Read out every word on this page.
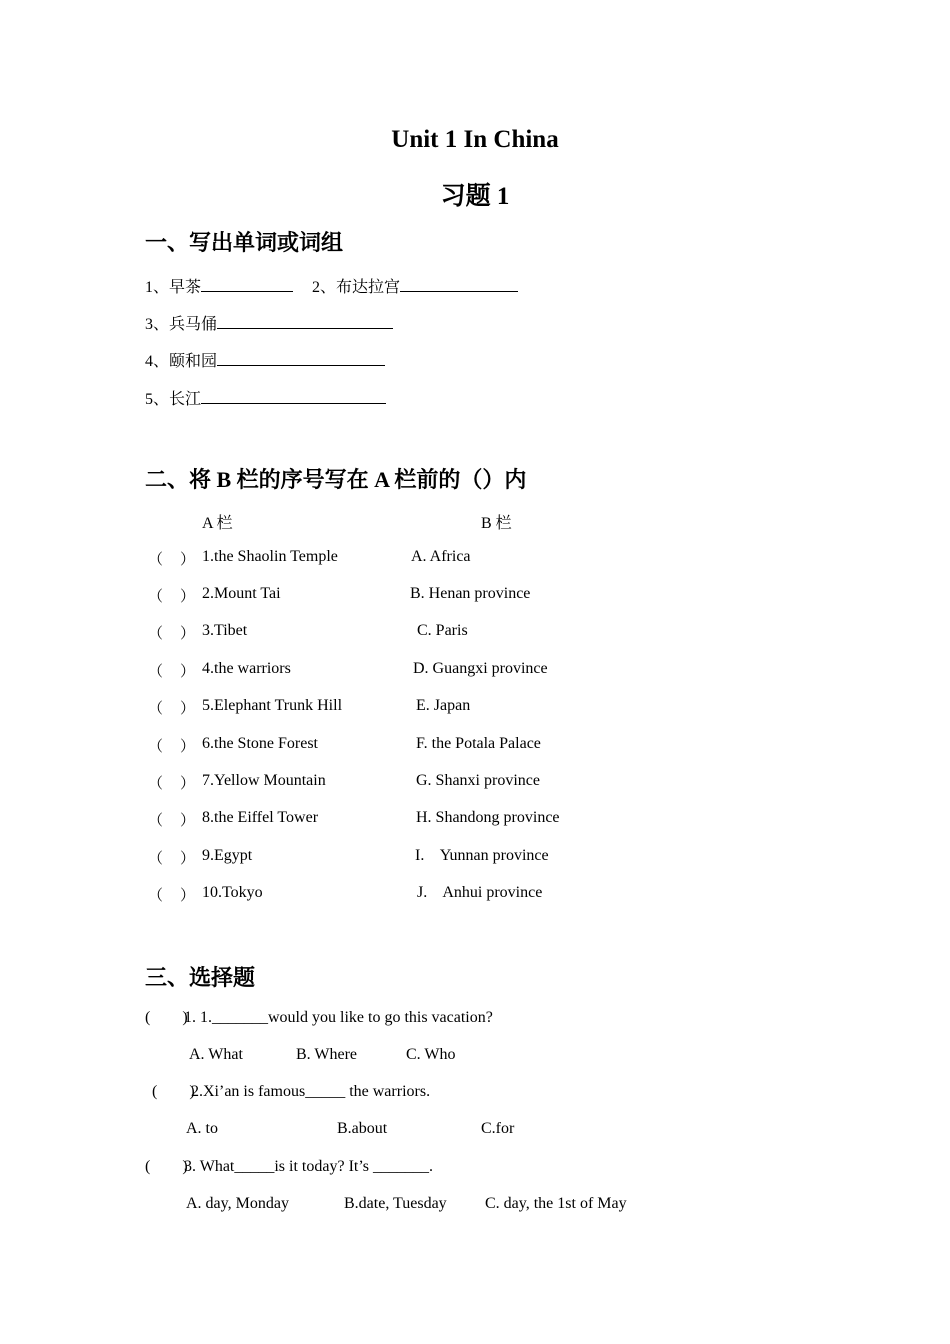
Unit 1 In China
习题 1
一、写出单词或词组
1、早茶	2、布达拉宫
3、兵马俑
4、颐和园
5、长江
二、将 B 栏的序号写在 A 栏前的（）内
A 栏	B 栏
（ ） 1.the Shaolin Temple	A. Africa
（ ） 2.Mount Tai	B. Henan province
（ ） 3.Tibet	C. Paris
（ ） 4.the warriors	D. Guangxi province
（ ） 5.Elephant Trunk Hill	E. Japan
（ ） 6.the Stone Forest	F. the Potala Palace
（ ） 7.Yellow Mountain	G. Shanxi province
（ ） 8.the Eiffel Tower	H. Shandong province
（ ） 9.Egypt	I.    Yunnan province
（ ） 10.Tokyo	J.    Anhui province
三、选择题
(        )
1. 1._______would you like to go this vacation?
A. What	B. Where	C. Who
(        )
2.Xi’an is famous_____ the warriors.
A. to	B.about	C.for
(        )
3. What_____is it today? It’s _______.
A. day, Monday	B.date, Tuesday C. day, the 1st of May
